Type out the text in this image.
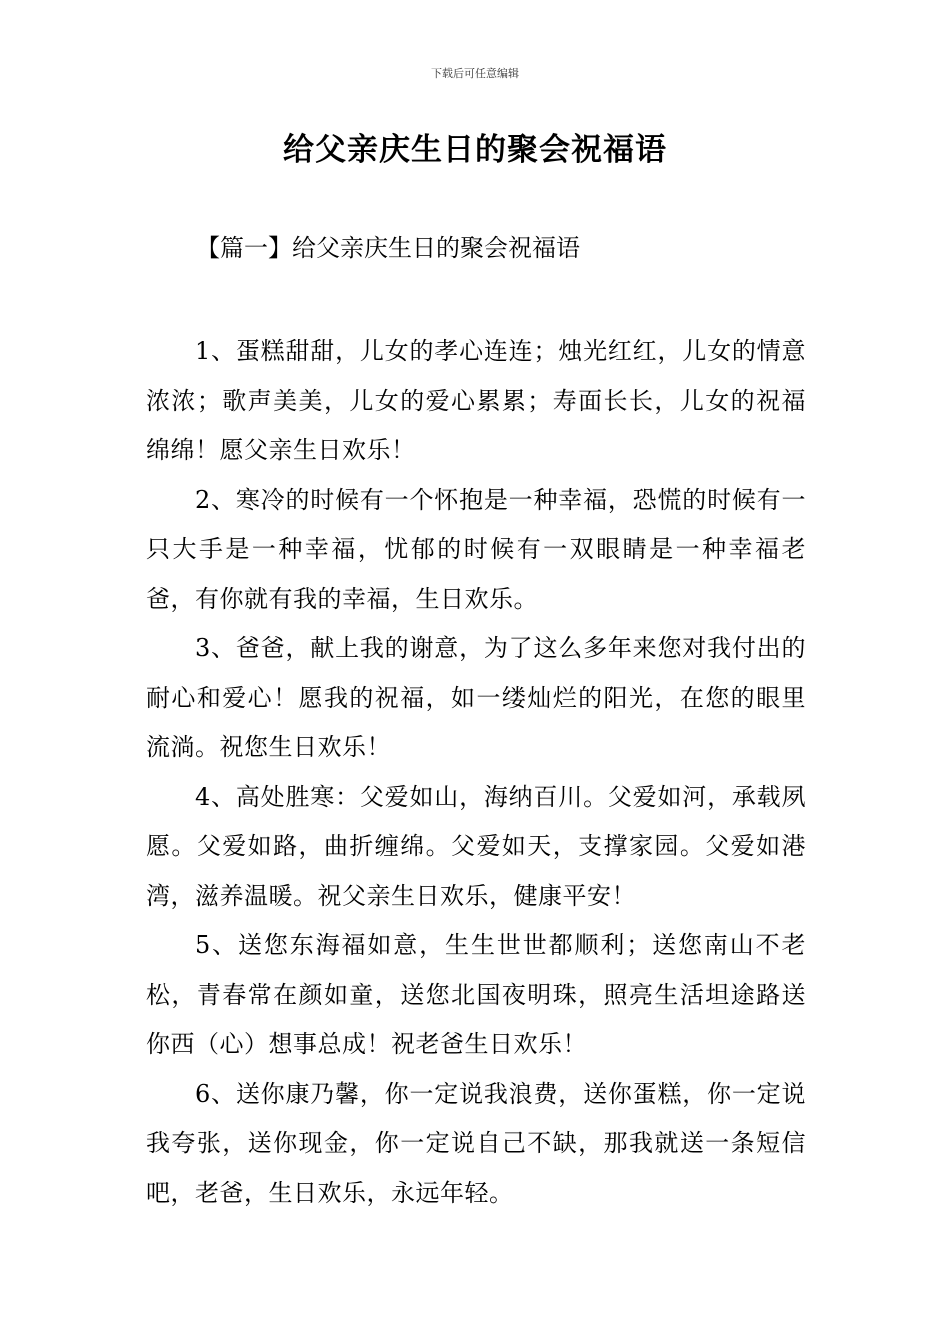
下载后可任意编辑
给父亲庆生日的聚会祝福语
【篇一】给父亲庆生日的聚会祝福语

1、蛋糕甜甜，儿女的孝心连连；烛光红红，儿女的情意浓浓；歌声美美，儿女的爱心累累；寿面长长，儿女的祝福绵绵！愿父亲生日欢乐！

2、寒冷的时候有一个怀抱是一种幸福，恐慌的时候有一只大手是一种幸福，忧郁的时候有一双眼睛是一种幸福老爸，有你就有我的幸福，生日欢乐。

3、爸爸，献上我的谢意，为了这么多年来您对我付出的耐心和爱心！愿我的祝福，如一缕灿烂的阳光，在您的眼里流淌。祝您生日欢乐！

4、高处胜寒：父爱如山，海纳百川。父爱如河，承载夙愿。父爱如路，曲折缠绵。父爱如天，支撑家园。父爱如港湾，滋养温暖。祝父亲生日欢乐，健康平安！

5、送您东海福如意，生生世世都顺利；送您南山不老松，青春常在颜如童，送您北国夜明珠，照亮生活坦途路送你西（心）想事总成！祝老爸生日欢乐！

6、送你康乃馨，你一定说我浪费，送你蛋糕，你一定说我夸张，送你现金，你一定说自己不缺，那我就送一条短信吧，老爸，生日欢乐，永远年轻。
